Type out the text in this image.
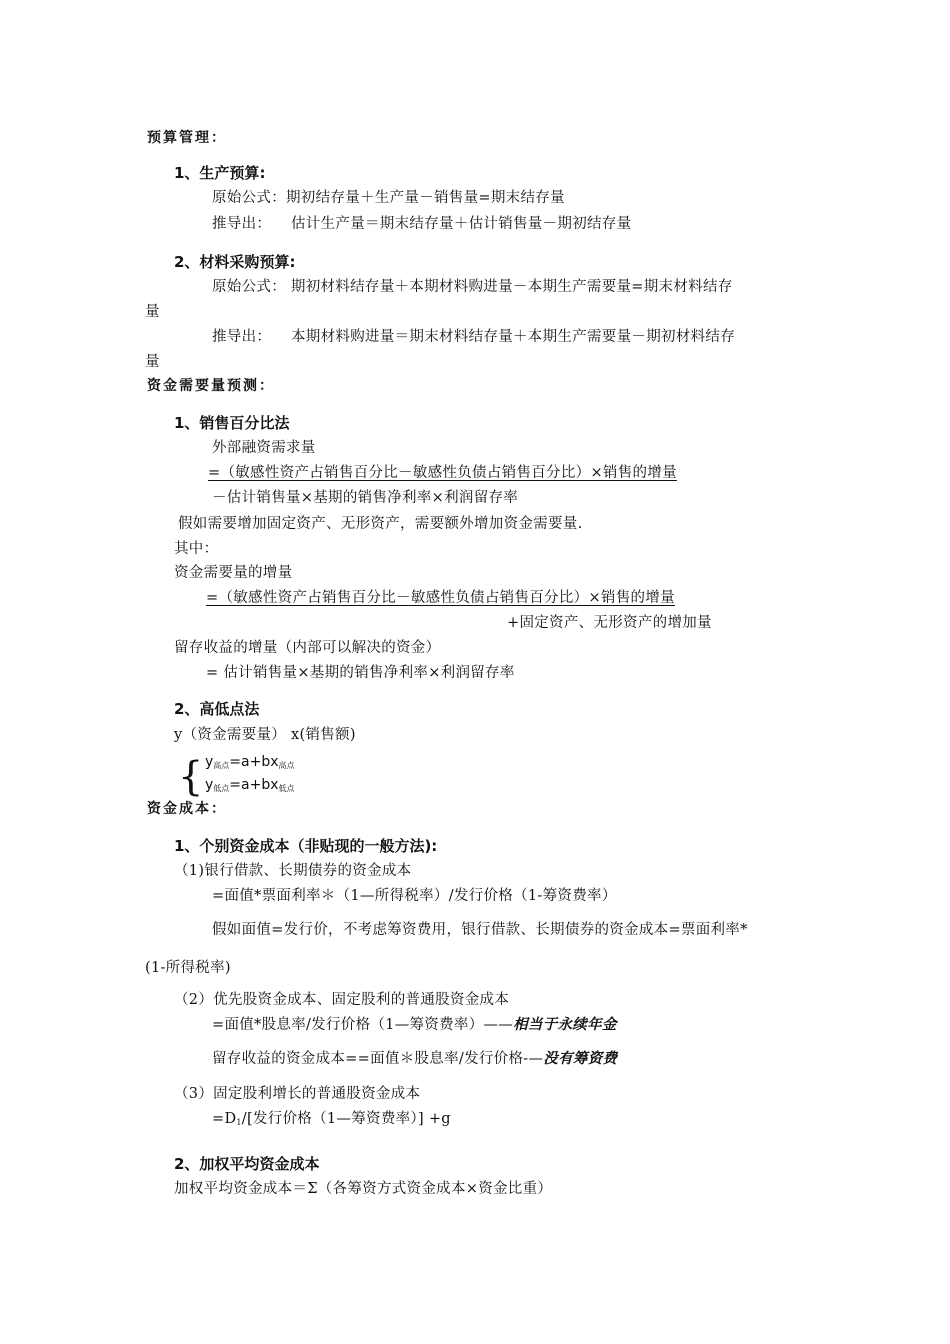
预算管理：
1、生产预算:
原始公式：期初结存量＋生产量－销售量=期末结存量
推导出： 估计生产量＝期末结存量＋估计销售量－期初结存量
2、材料采购预算:
原始公式： 期初材料结存量＋本期材料购进量－本期生产需要量=期末材料结存
量
推导出： 本期材料购进量＝期末材料结存量＋本期生产需要量－期初材料结存
量
资金需要量预测：
1、销售百分比法
外部融资需求量
=（敏感性资产占销售百分比－敏感性负债占销售百分比）×销售的增量
－估计销售量×基期的销售净利率×利润留存率
假如需要增加固定资产、无形资产，需要额外增加资金需要量.
其中：
资金需要量的增量
=（敏感性资产占销售百分比－敏感性负债占销售百分比）×销售的增量
+固定资产、无形资产的增加量
留存收益的增量（内部可以解决的资金）
= 估计销售量×基期的销售净利率×利润留存率
2、高低点法
y（资金需要量） x(销售额)
{ $y_{高点}=a+bx_{高点}$
$y_{低点}=a+bx_{低点}$
资金成本：
1、个别资金成本（非贴现的一般方法):
（1)银行借款、长期债券的资金成本
=面值*票面利率＊（1—所得税率）/发行价格（1-筹资费率）
假如面值=发行价，不考虑筹资费用，银行借款、长期债券的资金成本=票面利率*
(1-所得税率)
（2）优先股资金成本、固定股利的普通股资金成本
=面值*股息率/发行价格（1—筹资费率）——相当于永续年金
留存收益的资金成本==面值＊股息率/发行价格-—没有筹资费
（3）固定股利增长的普通股资金成本
$=D_1/$[发行价格（1—筹资费率）] +g
2、加权平均资金成本
加权平均资金成本＝Σ（各筹资方式资金成本×资金比重）
